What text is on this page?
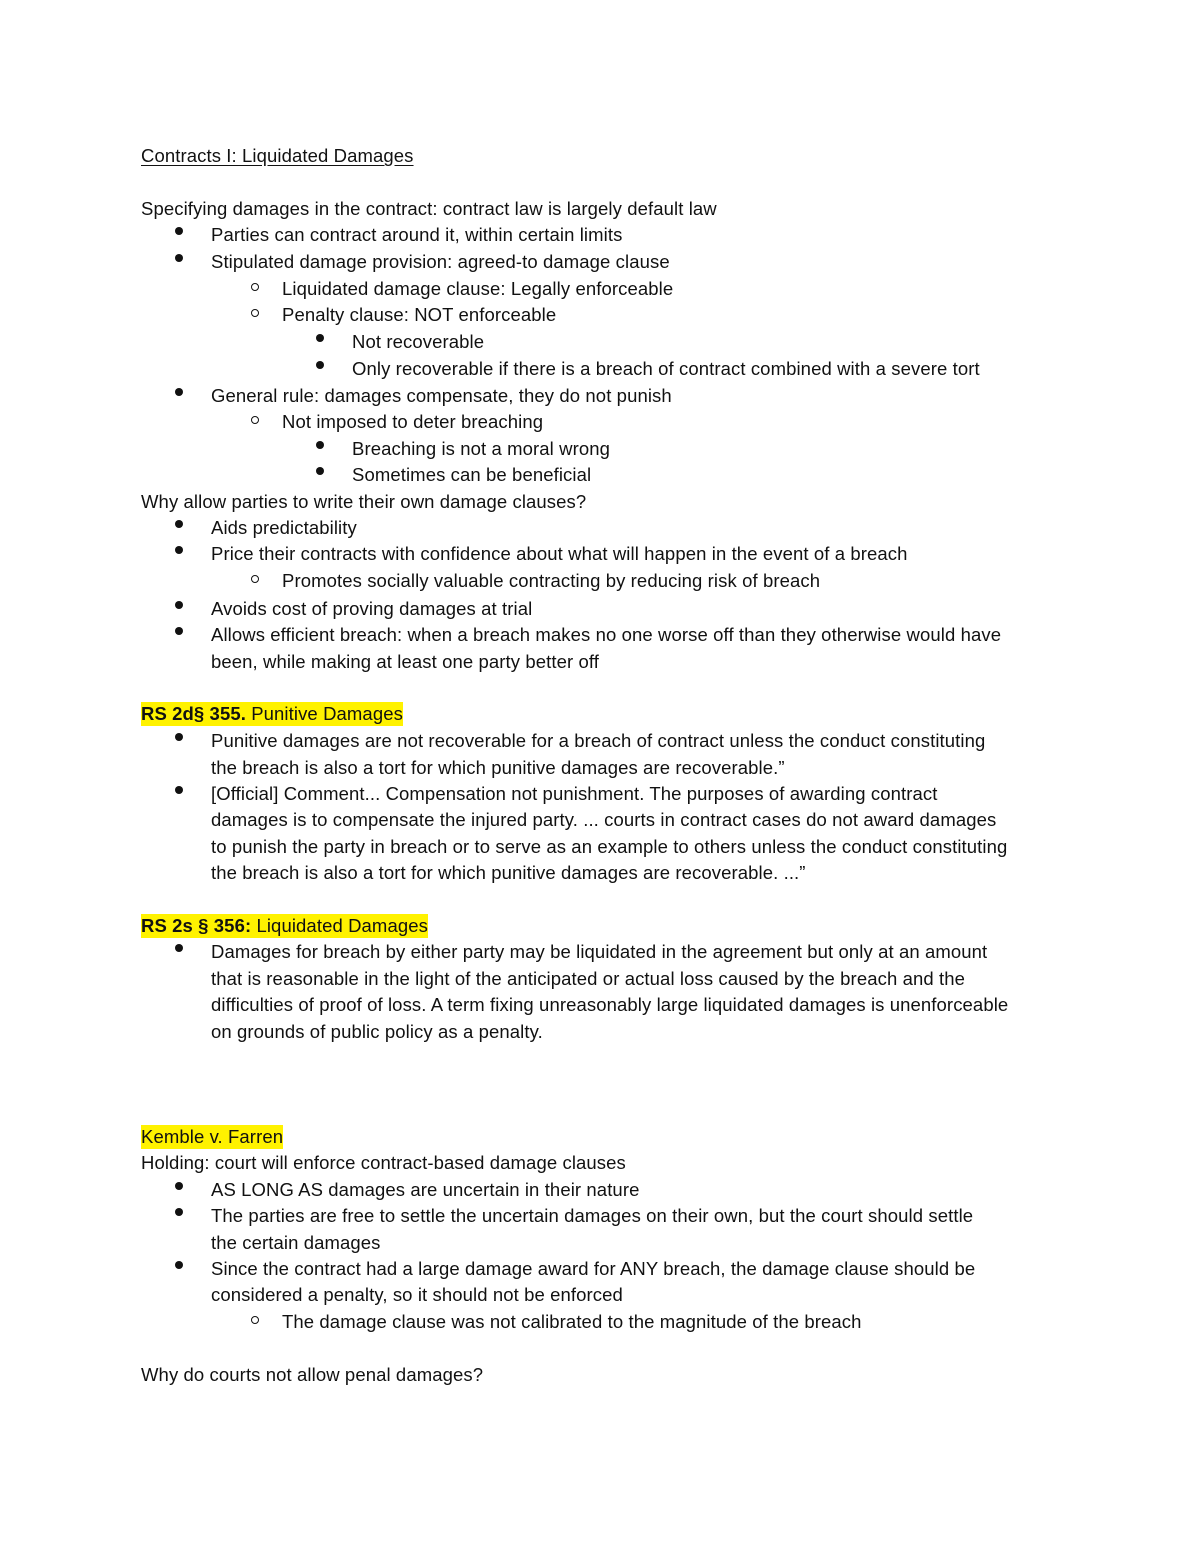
Contracts I: Liquidated Damages
Specifying damages in the contract: contract law is largely default law
Parties can contract around it, within certain limits
Stipulated damage provision: agreed-to damage clause
Liquidated damage clause: Legally enforceable
Penalty clause: NOT enforceable
Not recoverable
Only recoverable if there is a breach of contract combined with a severe tort
General rule: damages compensate, they do not punish
Not imposed to deter breaching
Breaching is not a moral wrong
Sometimes can be beneficial
Why allow parties to write their own damage clauses?
Aids predictability
Price their contracts with confidence about what will happen in the event of a breach
Promotes socially valuable contracting by reducing risk of breach
Avoids cost of proving damages at trial
Allows efficient breach: when a breach makes no one worse off than they otherwise would have
been, while making at least one party better off
RS 2d§ 355. Punitive Damages
Punitive damages are not recoverable for a breach of contract unless the conduct constituting
the breach is also a tort for which punitive damages are recoverable.”
[Official] Comment... Compensation not punishment. The purposes of awarding contract
damages is to compensate the injured party. ... courts in contract cases do not award damages
to punish the party in breach or to serve as an example to others unless the conduct constituting
the breach is also a tort for which punitive damages are recoverable. ...”
RS 2s § 356: Liquidated Damages
Damages for breach by either party may be liquidated in the agreement but only at an amount
that is reasonable in the light of the anticipated or actual loss caused by the breach and the
difficulties of proof of loss. A term fixing unreasonably large liquidated damages is unenforceable
on grounds of public policy as a penalty.
Kemble v. Farren
Holding: court will enforce contract-based damage clauses
AS LONG AS damages are uncertain in their nature
The parties are free to settle the uncertain damages on their own, but the court should settle
the certain damages
Since the contract had a large damage award for ANY breach, the damage clause should be
considered a penalty, so it should not be enforced
The damage clause was not calibrated to the magnitude of the breach
Why do courts not allow penal damages?
